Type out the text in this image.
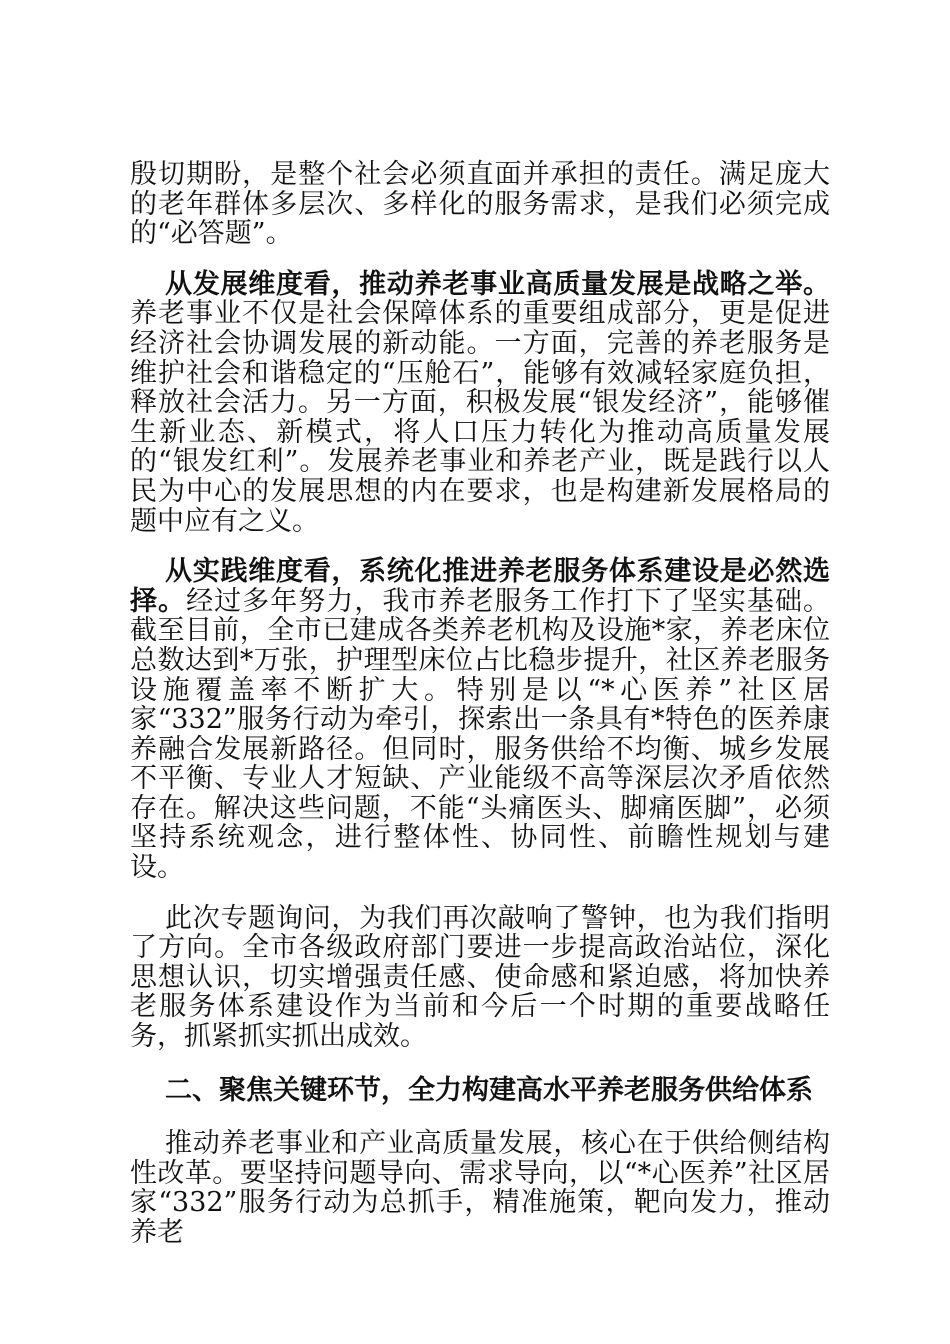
殷切期盼，是整个社会必须直面并承担的责任。满足庞大的老年群体多层次、多样化的服务需求，是我们必须完成的“必答题”。

从发展维度看，推动养老事业高质量发展是战略之举。养老事业不仅是社会保障体系的重要组成部分，更是促进经济社会协调发展的新动能。一方面，完善的养老服务是维护社会和谐稳定的“压舱石”，能够有效减轻家庭负担，释放社会活力。另一方面，积极发展“银发经济”，能够催生新业态、新模式，将人口压力转化为推动高质量发展的“银发红利”。发展养老事业和养老产业，既是践行以人民为中心的发展思想的内在要求，也是构建新发展格局的题中应有之义。

从实践维度看，系统化推进养老服务体系建设是必然选择。经过多年努力，我市养老服务工作打下了坚实基础。截至目前，全市已建成各类养老机构及设施*家，养老床位总数达到*万张，护理型床位占比稳步提升，社区养老服务设施覆盖率不断扩大。特别是以“*心医养”社区居家“332”服务行动为牵引，探索出一条具有*特色的医养康养融合发展新路径。但同时，服务供给不均衡、城乡发展不平衡、专业人才短缺、产业能级不高等深层次矛盾依然存在。解决这些问题，不能“头痛医头、脚痛医脚”，必须坚持系统观念，进行整体性、协同性、前瞻性规划与建设。

此次专题询问，为我们再次敲响了警钟，也为我们指明了方向。全市各级政府部门要进一步提高政治站位，深化思想认识，切实增强责任感、使命感和紧迫感，将加快养老服务体系建设作为当前和今后一个时期的重要战略任务，抓紧抓实抓出成效。

二、聚焦关键环节，全力构建高水平养老服务供给体系

推动养老事业和产业高质量发展，核心在于供给侧结构性改革。要坚持问题导向、需求导向，以“*心医养”社区居家“332”服务行动为总抓手，精准施策，靶向发力，推动养老
